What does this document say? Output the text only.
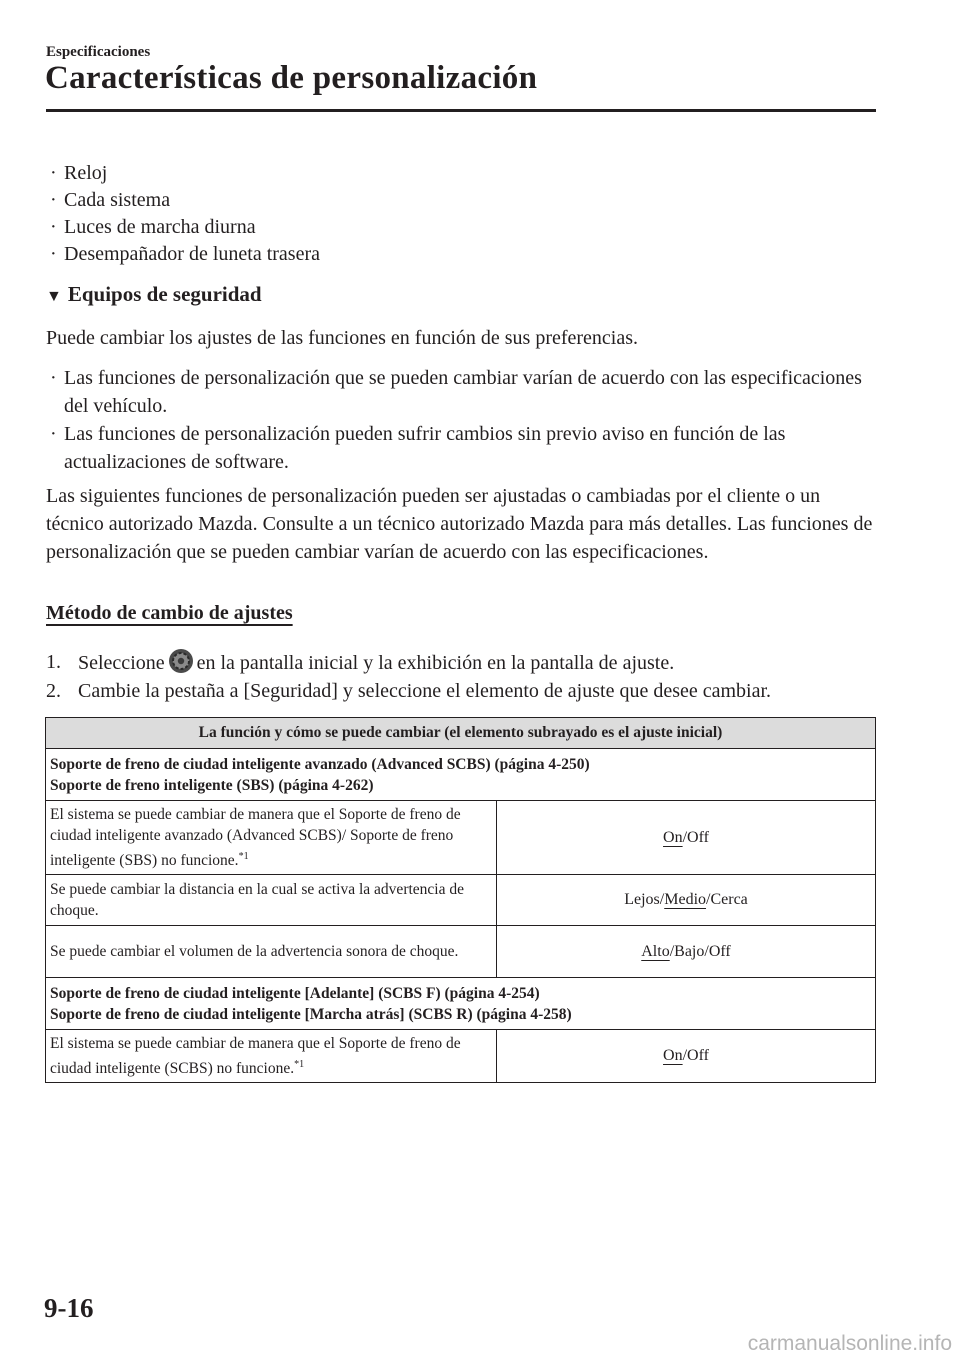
Especificaciones
Características de personalización
· Reloj
· Cada sistema
· Luces de marcha diurna
· Desempañador de luneta trasera
▼ Equipos de seguridad
Puede cambiar los ajustes de las funciones en función de sus preferencias.
· Las funciones de personalización que se pueden cambiar varían de acuerdo con las especificaciones del vehículo.
· Las funciones de personalización pueden sufrir cambios sin previo aviso en función de las actualizaciones de software.
Las siguientes funciones de personalización pueden ser ajustadas o cambiadas por el cliente o un técnico autorizado Mazda. Consulte a un técnico autorizado Mazda para más detalles. Las funciones de personalización que se pueden cambiar varían de acuerdo con las especificaciones.
Método de cambio de ajustes
1. Seleccione en la pantalla inicial y la exhibición en la pantalla de ajuste.
2. Cambie la pestaña a [Seguridad] y seleccione el elemento de ajuste que desee cambiar.
La función y cómo se puede cambiar (el elemento subrayado es el ajuste inicial)	

Soporte de freno de ciudad inteligente avanzado (Advanced SCBS) (página 4-250)
Soporte de freno inteligente (SBS) (página 4-262)	

El sistema se puede cambiar de manera que el Soporte de freno de ciudad inteligente avanzado (Advanced SCBS)/ Soporte de freno inteligente (SBS) no funcione.$^{*1}$	On/Off
Se puede cambiar la distancia en la cual se activa la advertencia de choque.	Lejos/Medio/Cerca
Se puede cambiar el volumen de la advertencia sonora de choque.	Alto/Bajo/Off

Soporte de freno de ciudad inteligente [Adelante] (SCBS F) (página 4-254)
Soporte de freno de ciudad inteligente [Marcha atrás] (SCBS R) (página 4-258)	

El sistema se puede cambiar de manera que el Soporte de freno de ciudad inteligente (SCBS) no funcione.$^{*1}$	On/Off
9-16
carmanualsonline.info
